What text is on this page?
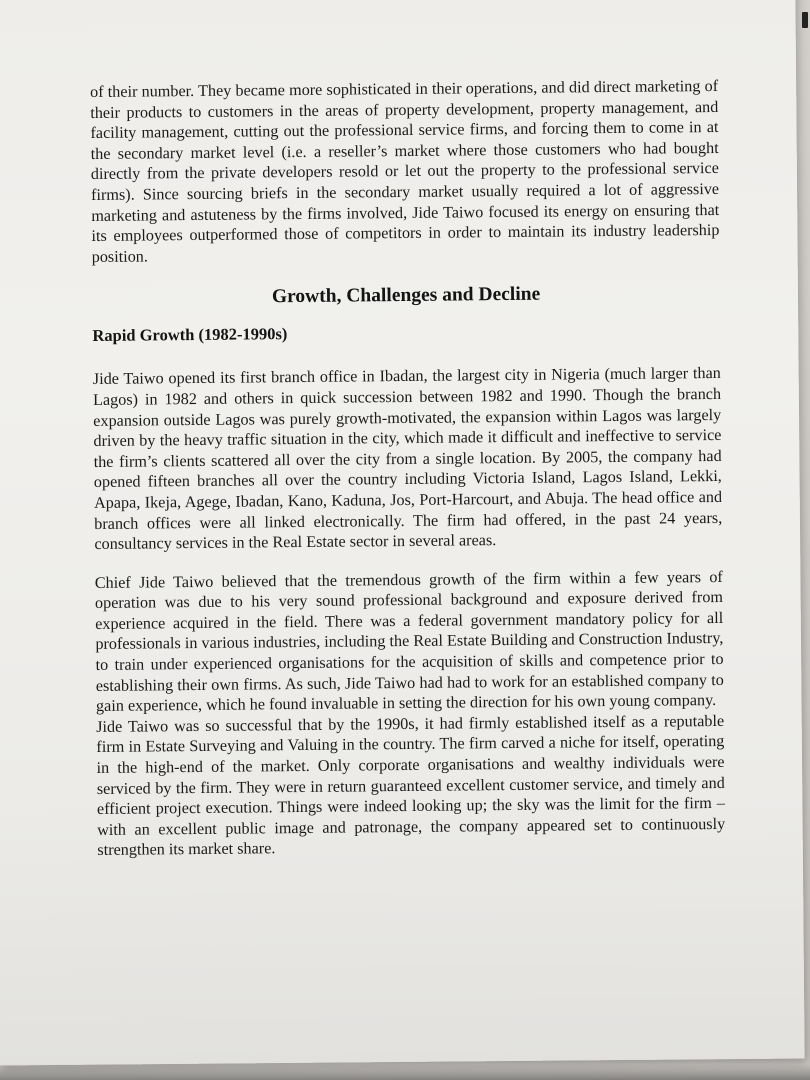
of their number. They became more sophisticated in their operations, and did direct marketing of their products to customers in the areas of property development, property management, and facility management, cutting out the professional service firms, and forcing them to come in at the secondary market level (i.e. a reseller’s market where those customers who had bought directly from the private developers resold or let out the property to the professional service firms). Since sourcing briefs in the secondary market usually required a lot of aggressive marketing and astuteness by the firms involved, Jide Taiwo focused its energy on ensuring that its employees outperformed those of competitors in order to maintain its industry leadership position.

Growth, Challenges and Decline
Rapid Growth (1982-1990s)

Jide Taiwo opened its first branch office in Ibadan, the largest city in Nigeria (much larger than Lagos) in 1982 and others in quick succession between 1982 and 1990. Though the branch expansion outside Lagos was purely growth-motivated, the expansion within Lagos was largely driven by the heavy traffic situation in the city, which made it difficult and ineffective to service the firm’s clients scattered all over the city from a single location. By 2005, the company had opened fifteen branches all over the country including Victoria Island, Lagos Island, Lekki, Apapa, Ikeja, Agege, Ibadan, Kano, Kaduna, Jos, Port-Harcourt, and Abuja. The head office and branch offices were all linked electronically. The firm had offered, in the past 24 years, consultancy services in the Real Estate sector in several areas.

Chief Jide Taiwo believed that the tremendous growth of the firm within a few years of operation was due to his very sound professional background and exposure derived from experience acquired in the field. There was a federal government mandatory policy for all professionals in various industries, including the Real Estate Building and Construction Industry, to train under experienced organisations for the acquisition of skills and competence prior to establishing their own firms. As such, Jide Taiwo had had to work for an established company to gain experience, which he found invaluable in setting the direction for his own young company.

Jide Taiwo was so successful that by the 1990s, it had firmly established itself as a reputable firm in Estate Surveying and Valuing in the country. The firm carved a niche for itself, operating in the high-end of the market. Only corporate organisations and wealthy individuals were serviced by the firm. They were in return guaranteed excellent customer service, and timely and efficient project execution. Things were indeed looking up; the sky was the limit for the firm – with an excellent public image and patronage, the company appeared set to continuously strengthen its market share.
